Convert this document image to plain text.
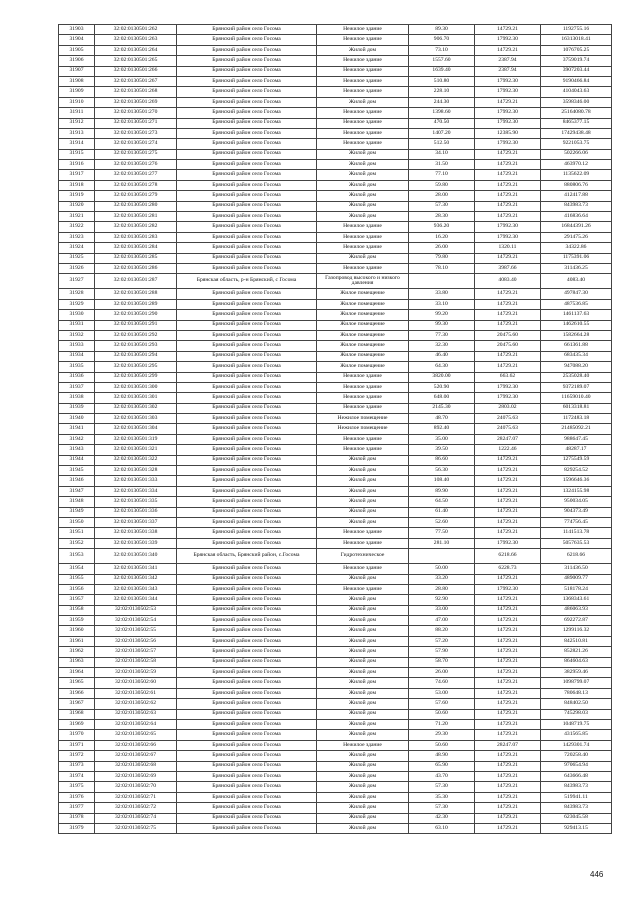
31903	32:02:0130501:262	Брянский район село Госома	Нежилое здание	89.30	14729.21	1192755.16
31904	32:02:0130501:263	Брянский район село Госома	Нежилое здание	906.70	17992.30	16313018.41
31905	32:02:0130501:264	Брянский район село Госома	Жилой дом	73.10	14729.21	1076705.25
31906	32:02:0130501:265	Брянский район село Госома	Нежилое здание	1557.60	2387.94	3759019.74
31907	32:02:0130501:266	Брянский район село Госома	Нежилое здание	1639.40	2387.94	3907203.44
31908	32:02:0130501:267	Брянский район село Госома	Нежилое здание	510.80	17992.30	9190466.84
31909	32:02:0130501:268	Брянский район село Госома	Нежилое здание	228.10	17992.30	4104043.63
31910	32:02:0130501:269	Брянский район село Госома	Жилой дом	244.30	14729.21	3598346.00
31911	32:02:0130501:270	Брянский район село Госома	Нежилое здание	1398.60	17992.30	25164080.78
31912	32:02:0130501:271	Брянский район село Госома	Нежилое здание	470.50	17992.30	8465377.15
31913	32:02:0130501:273	Брянский район село Госома	Нежилое здание	1407.20	12385.90	17429438.48
31914	32:02:0130501:274	Брянский район село Госома	Нежилое здание	512.50	17992.30	9221053.75
31915	32:02:0130501:275	Брянский район село Госома	Жилой дом	34.10	14729.21	502266.06
31916	32:02:0130501:276	Брянский район село Госома	Жилой дом	31.50	14729.21	463970.12
31917	32:02:0130501:277	Брянский район село Госома	Жилой дом	77.10	14729.21	1135622.09
31918	32:02:0130501:278	Брянский район село Госома	Жилой дом	59.80	14729.21	880806.76
31919	32:02:0130501:279	Брянский район село Госома	Жилой дом	28.00	14729.21	412417.88
31920	32:02:0130501:280	Брянский район село Госома	Жилой дом	57.30	14729.21	843983.73
31921	32:02:0130501:281	Брянский район село Госома	Жилой дом	28.30	14729.21	416836.64
31922	32:02:0130501:282	Брянский район село Госома	Нежилое здание	936.20	17992.30	16844391.26
31923	32:02:0130501:283	Брянский район село Госома	Нежилое здание	16.20	17992.30	291475.26
31924	32:02:0130501:284	Брянский район село Госома	Нежилое здание	26.00	1320.11	34322.86
31925	32:02:0130501:285	Брянский район село Госома	Жилой дом	79.80	14729.21	1175391.06
31926	32:02:0130501:286	Брянский район село Госома	Нежилое здание	78.10	3987.66	311436.25
31927	32:02:0130501:287	Брянская область, р-н Брянский, с Госома	Газопровод высокого и низкого давления		4083.40	4083.40
31928	32:02:0130501:288	Брянский район село Госома	Жилое помещение	33.80	14729.21	497847.30
31929	32:02:0130501:289	Брянский район село Госома	Жилое помещение	33.10	14729.21	487536.85
31930	32:02:0130501:290	Брянский район село Госома	Жилое помещение	99.20	14729.21	1461137.63
31931	32:02:0130501:291	Брянский район село Госома	Жилое помещение	99.30	14729.21	1462610.55
31932	32:02:0130501:292	Брянский район село Госома	Жилое помещение	77.30	20475.60	1582664.28
31933	32:02:0130501:293	Брянский район село Госома	Жилое помещение	32.30	20475.60	661361.88
31934	32:02:0130501:294	Брянский район село Госома	Жилое помещение	46.40	14729.21	683435.34
31935	32:02:0130501:295	Брянский район село Госома	Жилое помещение	64.30	14729.21	947088.20
31936	32:02:0130501:299	Брянский район село Госома	Нежилое здание	3820.00	663.62	2535028.40
31937	32:02:0130501:300	Брянский район село Госома	Нежилое здание	520.90	17992.30	9372189.07
31938	32:02:0130501:301	Брянский район село Госома	Нежилое здание	648.00	17992.30	11659010.40
31939	32:02:0130501:302	Брянский район село Госома	Нежилое здание	2145.30	2803.02	6013318.81
31940	32:02:0130501:303	Брянский район село Госома	Нежилое помещение	48.70	24075.63	1172483.18
31941	32:02:0130501:304	Брянский район село Госома	Нежилое помещение	892.40	24075.63	21485092.21
31942	32:02:0130501:319	Брянский район село Госома	Нежилое здание	35.00	28247.07	988647.45
31943	32:02:0130501:321	Брянский район село Госома	Нежилое здание	39.50	1222.46	48287.17
31944	32:02:0130501:322	Брянский район село Госома	Жилой дом	86.60	14729.21	1275549.59
31945	32:02:0130501:328	Брянский район село Госома	Жилой дом	56.30	14729.21	829254.52
31946	32:02:0130501:333	Брянский район село Госома	Жилой дом	108.40	14729.21	1596646.36
31947	32:02:0130501:334	Брянский район село Госома	Жилой дом	89.90	14729.21	1324155.98
31948	32:02:0130501:335	Брянский район село Госома	Жилой дом	64.50	14729.21	950034.05
31949	32:02:0130501:336	Брянский район село Госома	Жилой дом	61.40	14729.21	904373.49
31950	32:02:0130501:337	Брянский район село Госома	Жилой дом	52.60	14729.21	774756.45
31951	32:02:0130501:338	Брянский район село Госома	Нежилое здание	77.50	14729.21	1141513.78
31952	32:02:0130501:339	Брянский район село Госома	Нежилое здание	281.10	17992.30	5057635.53
31953	32:02:0130501:340	Брянская область, Брянский район, с.Госома	Гидротехническое		6218.66	6218.66
31954	32:02:0130501:341	Брянский район село Госома	Нежилое здание	50.00	6228.73	311436.50
31955	32:02:0130501:342	Брянский район село Госома	Жилой дом	33.20	14729.21	489009.77
31956	32:02:0130501:343	Брянский район село Госома	Нежилое здание	28.80	17992.30	518178.24
31957	32:02:0130501:344	Брянский район село Госома	Жилой дом	92.90	14729.21	1368343.61
31958	32:02:0130502:53	Брянский район село Госома	Жилой дом	33.00	14729.21	486063.93
31959	32:02:0130502:54	Брянский район село Госома	Жилой дом	47.00	14729.21	692272.87
31960	32:02:0130502:55	Брянский район село Госома	Жилой дом	88.20	14729.21	1299116.32
31961	32:02:0130502:56	Брянский район село Госома	Жилой дом	57.20	14729.21	842510.81
31962	32:02:0130502:57	Брянский район село Госома	Жилой дом	57.90	14729.21	852821.26
31963	32:02:0130502:58	Брянский район село Госома	Жилой дом	58.70	14729.21	864604.63
31964	32:02:0130502:59	Брянский район село Госома	Жилой дом	26.00	14729.21	382959.46
31965	32:02:0130502:60	Брянский район село Госома	Жилой дом	74.60	14729.21	1098799.07
31966	32:02:0130502:61	Брянский район село Госома	Жилой дом	53.00	14729.21	780648.13
31967	32:02:0130502:62	Брянский район село Госома	Жилой дом	57.60	14729.21	848402.50
31968	32:02:0130502:63	Брянский район село Госома	Жилой дом	50.60	14729.21	745298.03
31969	32:02:0130502:64	Брянский район село Госома	Жилой дом	71.20	14729.21	1048719.75
31970	32:02:0130502:65	Брянский район село Госома	Жилой дом	29.30	14729.21	431565.85
31971	32:02:0130502:66	Брянский район село Госома	Нежилое здание	50.60	28247.07	1429301.74
31972	32:02:0130502:67	Брянский район село Госома	Жилой дом	48.90	14729.21	720258.40
31973	32:02:0130502:68	Брянский район село Госома	Жилой дом	65.90	14729.21	970654.94
31974	32:02:0130502:69	Брянский район село Госома	Жилой дом	43.70	14729.21	643666.48
31975	32:02:0130502:70	Брянский район село Госома	Жилой дом	57.30	14729.21	843983.73
31976	32:02:0130502:71	Брянский район село Госома	Жилой дом	35.30	14729.21	519941.11
31977	32:02:0130502:72	Брянский район село Госома	Жилой дом	57.30	14729.21	843983.73
31978	32:02:0130502:74	Брянский район село Госома	Жилой дом	42.30	14729.21	623045.58
31979	32:02:0130502:75	Брянский район село Госома	Жилой дом	63.10	14729.21	929413.15
446
